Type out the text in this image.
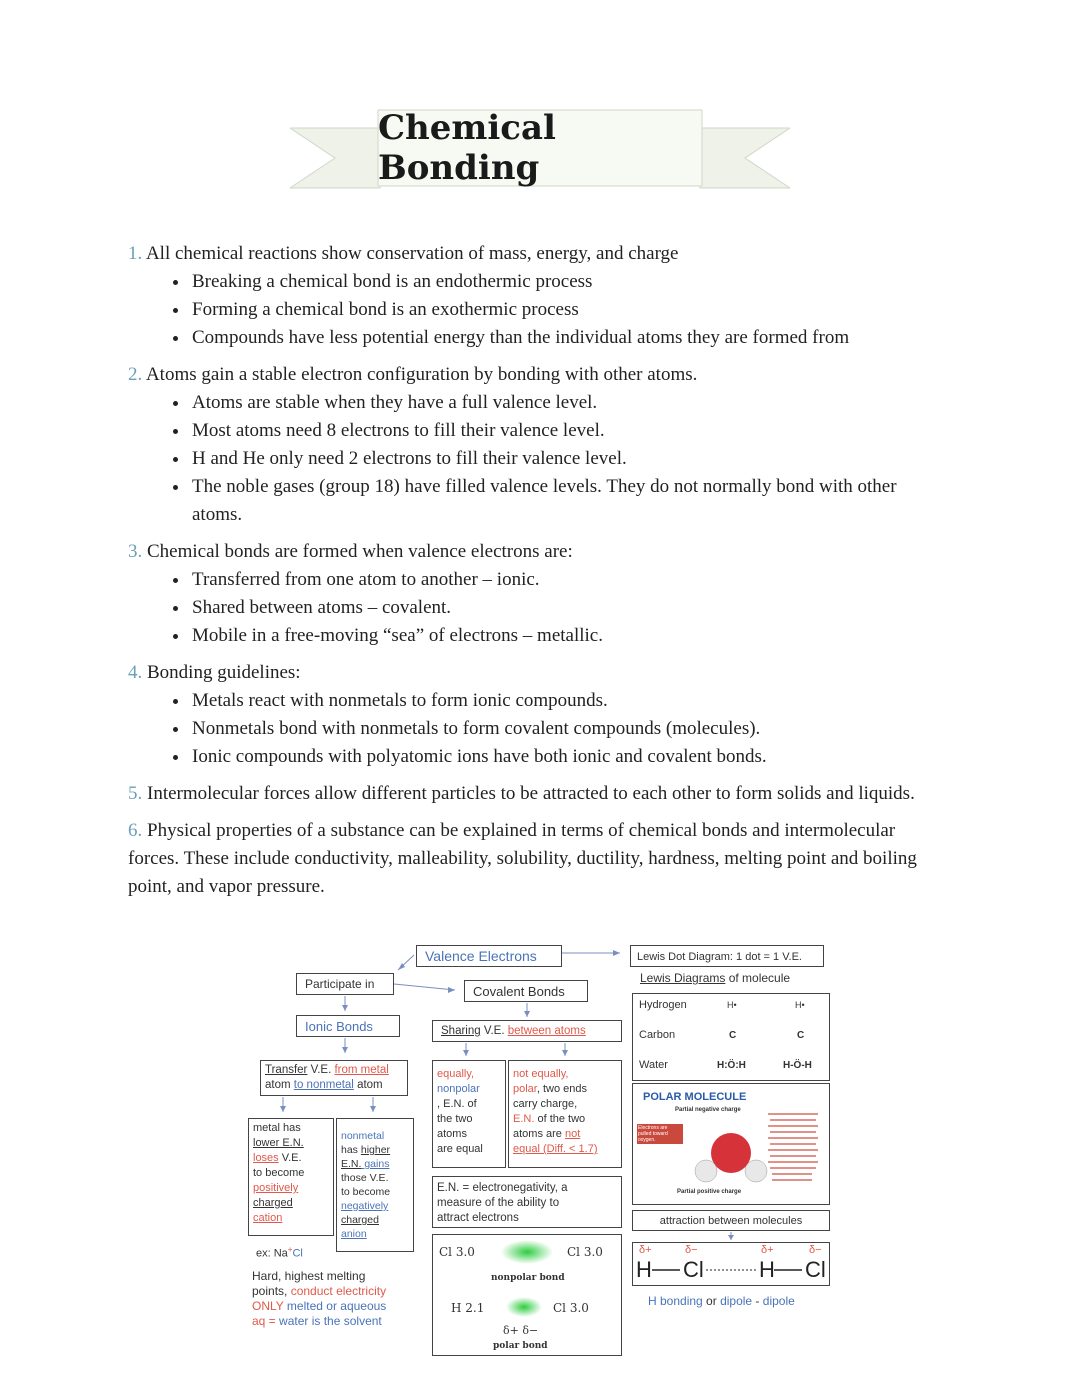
Chemical Bonding
1. All chemical reactions show conservation of mass, energy, and charge
• Breaking a chemical bond is an endothermic process
• Forming a chemical bond is an exothermic process
• Compounds have less potential energy than the individual atoms they are formed from
2. Atoms gain a stable electron configuration by bonding with other atoms.
• Atoms are stable when they have a full valence level.
• Most atoms need 8 electrons to fill their valence level.
• H and He only need 2 electrons to fill their valence level.
• The noble gases (group 18) have filled valence levels. They do not normally bond with other atoms.
3. Chemical bonds are formed when valence electrons are:
• Transferred from one atom to another – ionic.
• Shared between atoms – covalent.
• Mobile in a free-moving “sea” of electrons – metallic.
4. Bonding guidelines:
• Metals react with nonmetals to form ionic compounds.
• Nonmetals bond with nonmetals to form covalent compounds (molecules).
• Ionic compounds with polyatomic ions have both ionic and covalent bonds.
5. Intermolecular forces allow different particles to be attracted to each other to form solids and liquids.
6. Physical properties of a substance can be explained in terms of chemical bonds and intermolecular forces. These include conductivity, malleability, solubility, ductility, hardness, melting point and boiling point, and vapor pressure.
Valence Electrons
Participate in
Ionic Bonds
Covalent Bonds
Transfer V.E. from metal
atom to nonmetal atom
Sharing V.E. between atoms
metal has
lower E.N.
loses V.E.
to become
positively
charged
cation
nonmetal
has higher
E.N. gains
those V.E.
to become
negatively
charged
anion
ex: Na+Cl
Hard, highest melting
points, conduct electricity
ONLY melted or aqueous
aq = water is the solvent
equally,
nonpolar
, E.N. of
the two
atoms
are equal
not equally,
polar, two ends
carry charge,
E.N. of the two
atoms are not
equal (Diff. < 1.7)
E.N. = electronegativity, a
measure of the ability to
attract electrons
Cl 3.0	Cl 3.0
nonpolar bond
H 2.1	Cl 3.0
δ+ δ−
polar bond
Lewis Dot Diagram: 1 dot = 1 V.E.
Lewis Diagrams of molecule
Hydrogen	H•	H•
Carbon	C	C
Water	H:Ö:H	H-Ö-H
POLAR MOLECULE
Partial negative charge
Electrons are pulled toward oxygen.
Partial positive charge
attraction between molecules
δ+	δ−	δ+	δ−
H Cl	H Cl
H bonding or dipole - dipole
